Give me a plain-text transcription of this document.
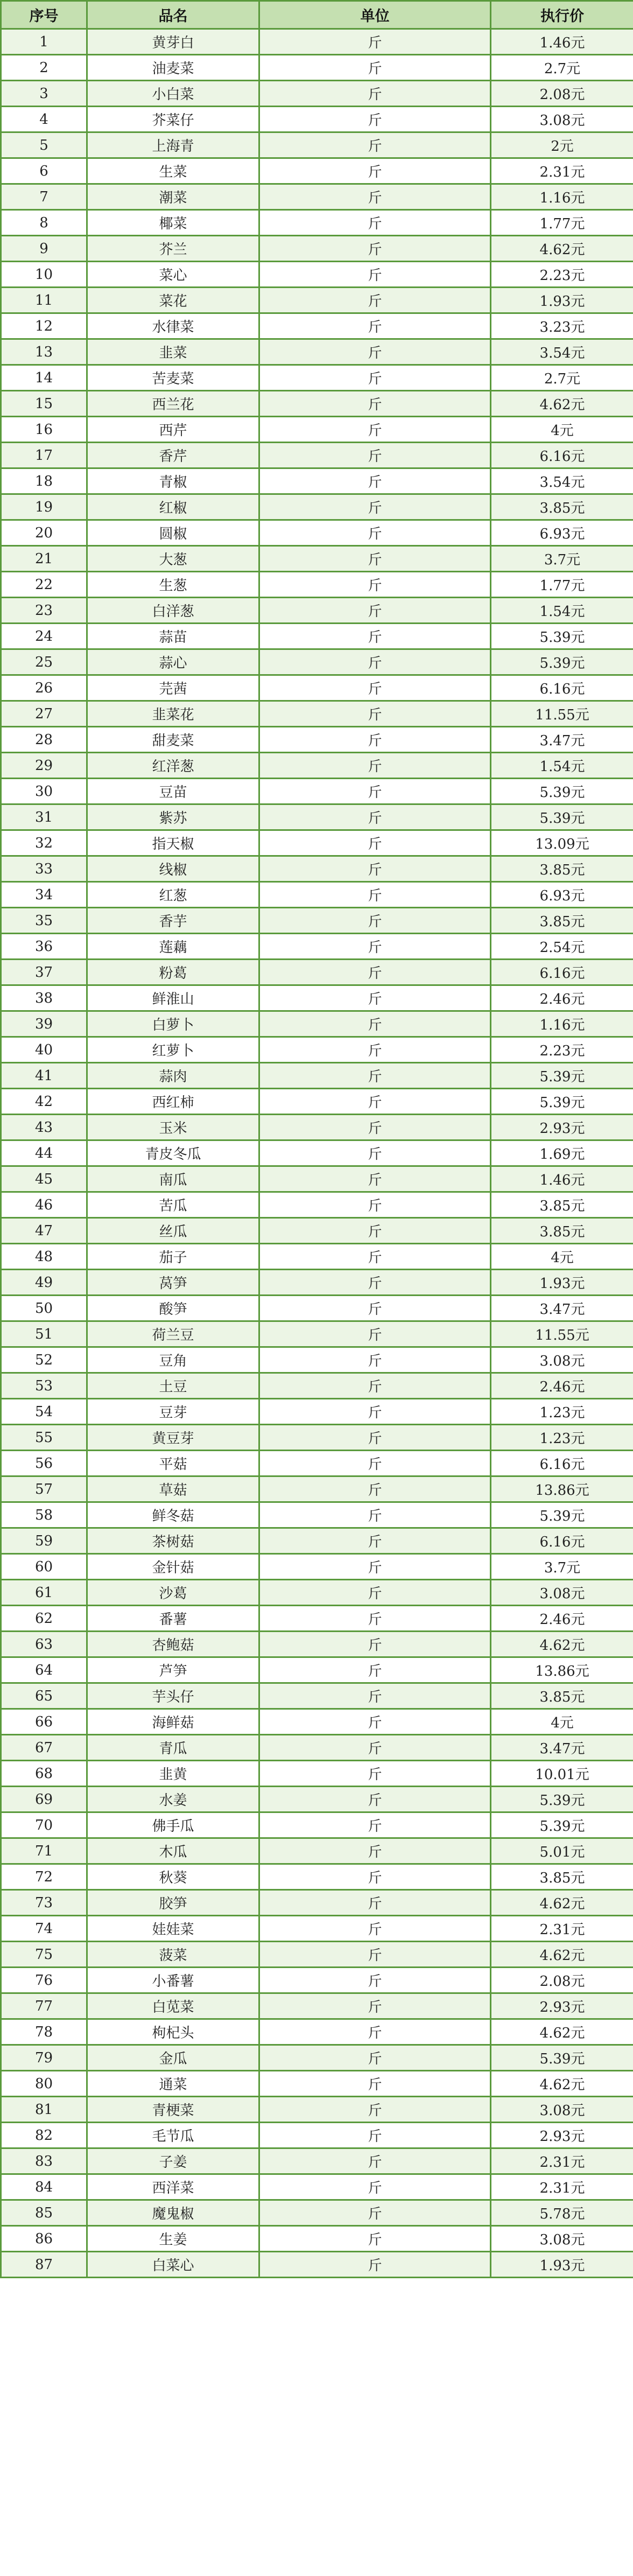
序号	品名	单位	执行价
1	黄芽白	斤	1.46元
2	油麦菜	斤	2.7元
3	小白菜	斤	2.08元
4	芥菜仔	斤	3.08元
5	上海青	斤	2元
6	生菜	斤	2.31元
7	潮菜	斤	1.16元
8	椰菜	斤	1.77元
9	芥兰	斤	4.62元
10	菜心	斤	2.23元
11	菜花	斤	1.93元
12	水律菜	斤	3.23元
13	韭菜	斤	3.54元
14	苦麦菜	斤	2.7元
15	西兰花	斤	4.62元
16	西芹	斤	4元
17	香芹	斤	6.16元
18	青椒	斤	3.54元
19	红椒	斤	3.85元
20	圆椒	斤	6.93元
21	大葱	斤	3.7元
22	生葱	斤	1.77元
23	白洋葱	斤	1.54元
24	蒜苗	斤	5.39元
25	蒜心	斤	5.39元
26	芫茜	斤	6.16元
27	韭菜花	斤	11.55元
28	甜麦菜	斤	3.47元
29	红洋葱	斤	1.54元
30	豆苗	斤	5.39元
31	紫苏	斤	5.39元
32	指天椒	斤	13.09元
33	线椒	斤	3.85元
34	红葱	斤	6.93元
35	香芋	斤	3.85元
36	莲藕	斤	2.54元
37	粉葛	斤	6.16元
38	鲜淮山	斤	2.46元
39	白萝卜	斤	1.16元
40	红萝卜	斤	2.23元
41	蒜肉	斤	5.39元
42	西红柿	斤	5.39元
43	玉米	斤	2.93元
44	青皮冬瓜	斤	1.69元
45	南瓜	斤	1.46元
46	苦瓜	斤	3.85元
47	丝瓜	斤	3.85元
48	茄子	斤	4元
49	莴笋	斤	1.93元
50	酸笋	斤	3.47元
51	荷兰豆	斤	11.55元
52	豆角	斤	3.08元
53	土豆	斤	2.46元
54	豆芽	斤	1.23元
55	黄豆芽	斤	1.23元
56	平菇	斤	6.16元
57	草菇	斤	13.86元
58	鲜冬菇	斤	5.39元
59	茶树菇	斤	6.16元
60	金针菇	斤	3.7元
61	沙葛	斤	3.08元
62	番薯	斤	2.46元
63	杏鲍菇	斤	4.62元
64	芦笋	斤	13.86元
65	芋头仔	斤	3.85元
66	海鲜菇	斤	4元
67	青瓜	斤	3.47元
68	韭黄	斤	10.01元
69	水姜	斤	5.39元
70	佛手瓜	斤	5.39元
71	木瓜	斤	5.01元
72	秋葵	斤	3.85元
73	胶笋	斤	4.62元
74	娃娃菜	斤	2.31元
75	菠菜	斤	4.62元
76	小番薯	斤	2.08元
77	白苋菜	斤	2.93元
78	枸杞头	斤	4.62元
79	金瓜	斤	5.39元
80	通菜	斤	4.62元
81	青梗菜	斤	3.08元
82	毛节瓜	斤	2.93元
83	子姜	斤	2.31元
84	西洋菜	斤	2.31元
85	魔鬼椒	斤	5.78元
86	生姜	斤	3.08元
87	白菜心	斤	1.93元
